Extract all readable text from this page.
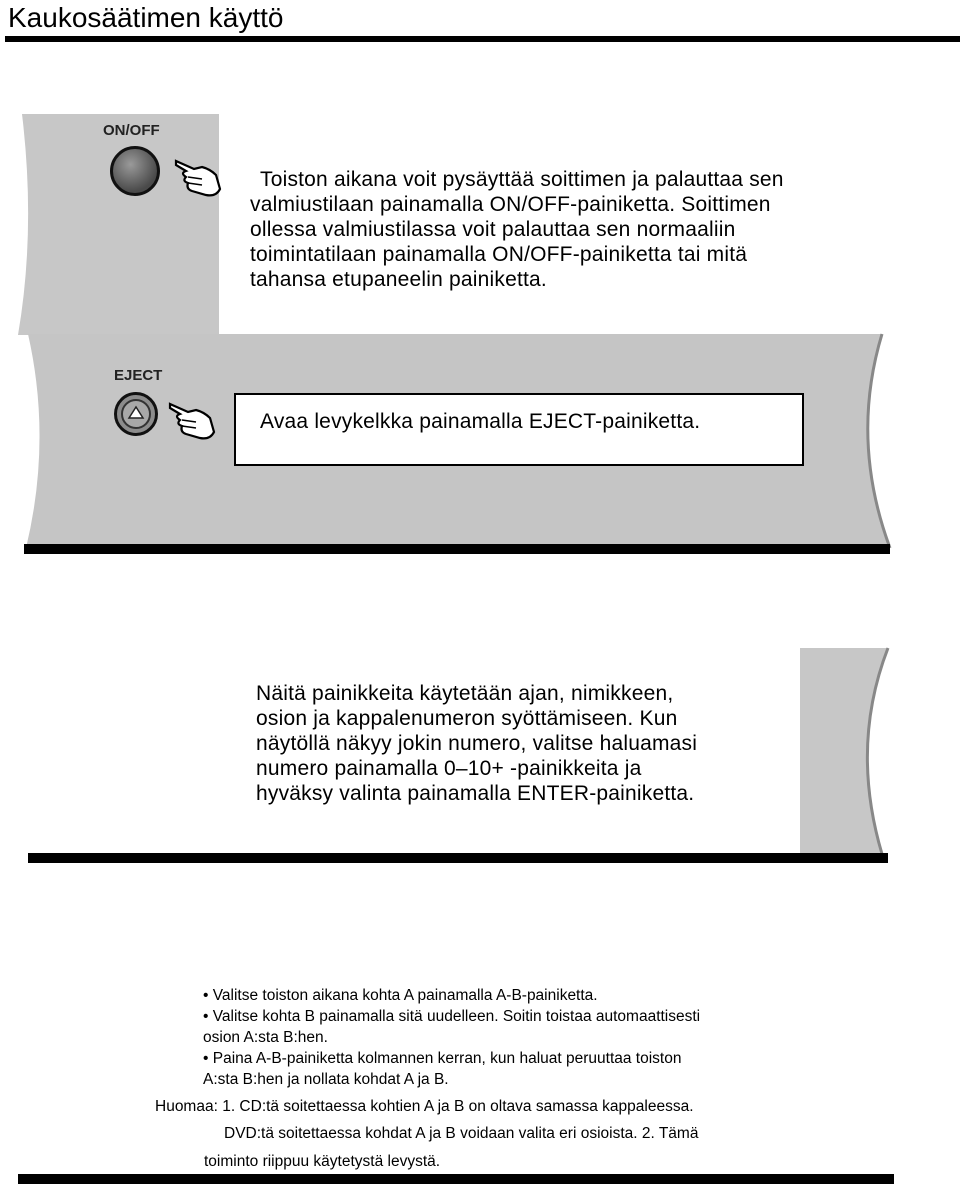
Kaukosäätimen käyttö
ON/OFF
Toiston aikana voit pysäyttää soittimen ja palauttaa sen
valmiustilaan painamalla ON/OFF-painiketta. Soittimen
ollessa valmiustilassa voit palauttaa sen normaaliin
toimintatilaan painamalla ON/OFF-painiketta tai mitä
tahansa etupaneelin painiketta.
EJECT
Avaa levykelkka painamalla EJECT-painiketta.
Näitä painikkeita käytetään ajan, nimikkeen,
osion ja kappalenumeron syöttämiseen. Kun
näytöllä näkyy jokin numero, valitse haluamasi
numero painamalla 0–10+ -painikkeita ja
hyväksy valinta painamalla ENTER-painiketta.
• Valitse toiston aikana kohta A painamalla A-B-painiketta.
• Valitse kohta B painamalla sitä uudelleen. Soitin toistaa automaattisesti
osion A:sta B:hen.
• Paina A-B-painiketta kolmannen kerran, kun haluat peruuttaa toiston
A:sta B:hen ja nollata kohdat A ja B.
Huomaa: 1. CD:tä soitettaessa kohtien A ja B on oltava samassa kappaleessa.
DVD:tä soitettaessa kohdat A ja B voidaan valita eri osioista. 2. Tämä
toiminto riippuu käytetystä levystä.
